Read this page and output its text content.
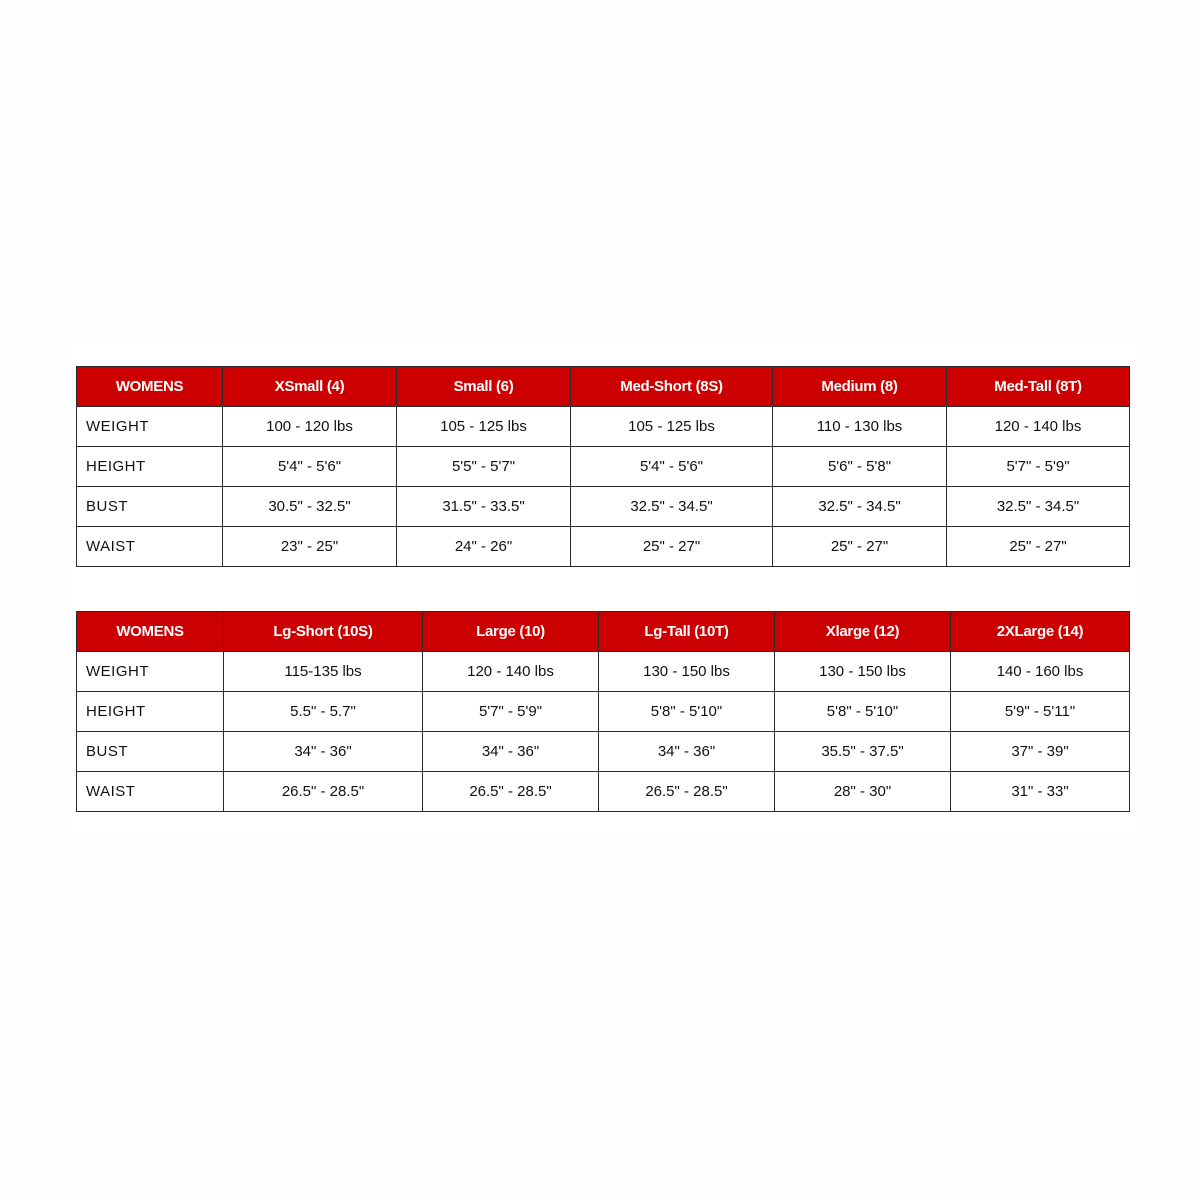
WOMENS	XSmall (4)	Small (6)	Med-Short (8S)	Medium (8)	Med-Tall (8T)
WEIGHT	100 - 120 lbs	105 - 125 lbs	105 - 125 lbs	110 - 130 lbs	120 - 140 lbs
HEIGHT	5'4" - 5'6"	5'5" - 5'7"	5'4" - 5'6"	5'6" - 5'8"	5'7" - 5'9"
BUST	30.5" - 32.5"	31.5" - 33.5"	32.5" - 34.5"	32.5" - 34.5"	32.5" - 34.5"
WAIST	23" - 25"	24" - 26"	25" - 27"	25" - 27"	25" - 27"
WOMENS	Lg-Short (10S)	Large (10)	Lg-Tall (10T)	Xlarge (12)	2XLarge (14)
WEIGHT	115-135 lbs	120 - 140 lbs	130 - 150 lbs	130 - 150 lbs	140 - 160 lbs
HEIGHT	5.5" - 5.7"	5'7" - 5'9"	5'8" - 5'10"	5'8" - 5'10"	5'9" - 5'11"
BUST	34" - 36"	34" - 36"	34" - 36"	35.5" - 37.5"	37" - 39"
WAIST	26.5" - 28.5"	26.5" - 28.5"	26.5" - 28.5"	28" - 30"	31" - 33"
